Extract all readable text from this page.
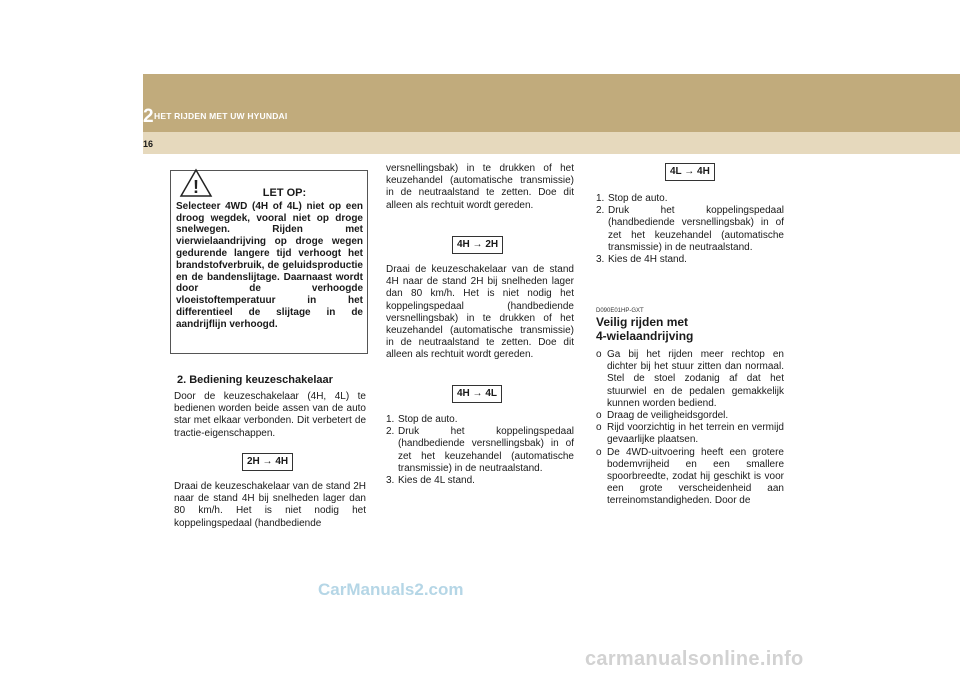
2 HET RIJDEN MET UW HYUNDAI
16
!	LET OP:
Selecteer 4WD (4H of 4L) niet op een droog wegdek, vooral niet op droge snelwegen. Rijden met vierwielaandrijving op droge wegen gedurende langere tijd verhoogt het brandstofverbruik, de geluidsproductie en de bandenslijtage. Daarnaast wordt door de verhoogde vloeistoftemperatuur in het differentieel de slijtage in de aandrijflijn verhoogd.
2. Bediening keuzeschakelaar

Door de keuzeschakelaar (4H, 4L) te bedienen worden beide assen van de auto star met elkaar verbonden. Dit verbetert de tractie-eigenschappen.

2H → 4H

Draai de keuzeschakelaar van de stand 2H naar de stand 4H bij snelheden lager dan 80 km/h. Het is niet nodig het koppelingspedaal (handbediende

versnellingsbak) in te drukken of het keuzehandel (automatische transmissie) in de neutraalstand te zetten. Doe dit alleen als rechtuit wordt gereden.

4H → 2H

Draai de keuzeschakelaar van de stand 4H naar de stand 2H bij snelheden lager dan 80 km/h. Het is niet nodig het koppelingspedaal (handbediende versnellingsbak) in te drukken of het keuzehandel (automatische transmissie) in de neutraalstand te zetten. Doe dit alleen als rechtuit wordt gereden.

4H → 4L
1. Stop de auto.
2. Druk het koppelingspedaal (handbediende versnellingsbak) in of zet het keuzehandel (automatische transmissie) in de neutraalstand.
3. Kies de 4L stand.
4L → 4H
1. Stop de auto.
2. Druk het koppelingspedaal (handbediende versnellingsbak) in of zet het keuzehandel (automatische transmissie) in de neutraalstand.
3. Kies de 4H stand.
D090E01HP-GXT
Veilig rijden met
4-wielaandrijving
o Ga bij het rijden meer rechtop en dichter bij het stuur zitten dan normaal. Stel de stoel zodanig af dat het stuurwiel en de pedalen gemakkelijk kunnen worden bediend.
o Draag de veiligheidsgordel.
o Rijd voorzichtig in het terrein en vermijd gevaarlijke plaatsen.
o De 4WD-uitvoering heeft een grotere bodemvrijheid en een smallere spoorbreedte, zodat hij geschikt is voor een grote verscheidenheid aan terreinomstandigheden. Door de
CarManuals2.com
carmanualsonline.info
